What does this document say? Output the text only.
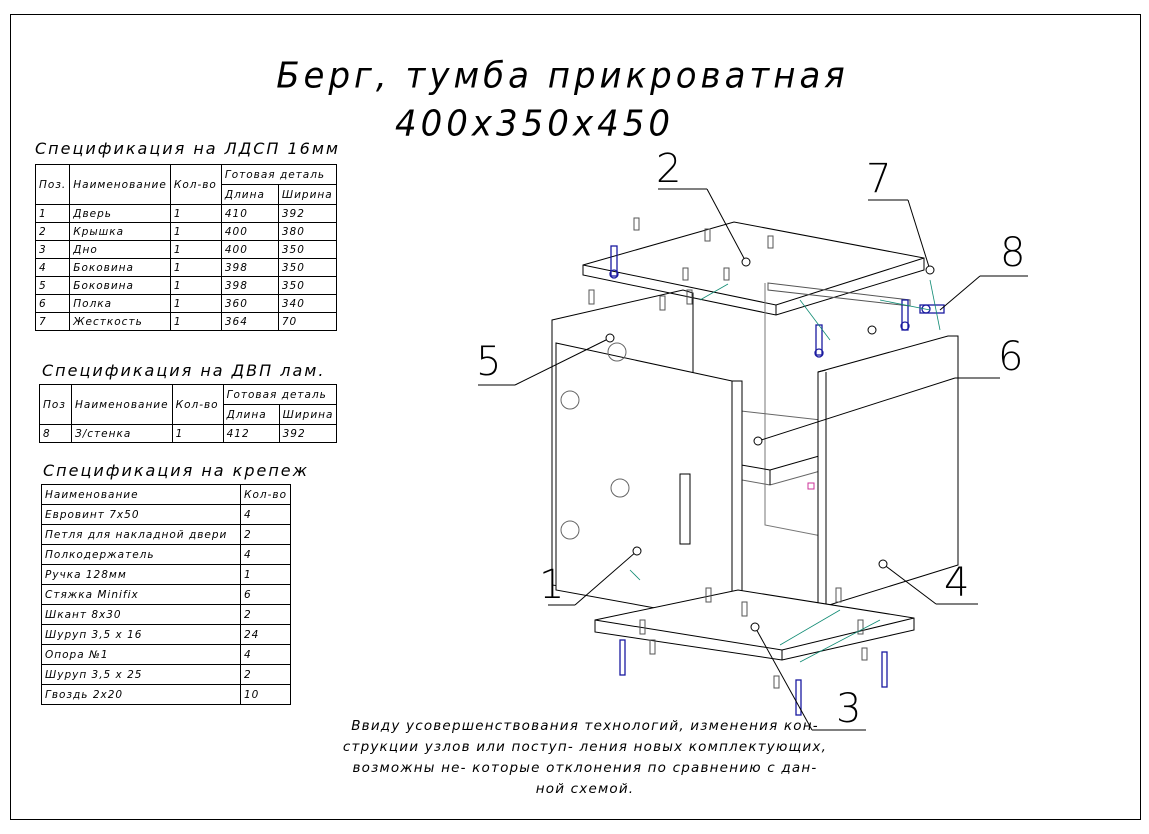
Берг, тумба прикроватная
400х350х450
Спецификация на ЛДСП 16мм
Поз.	Наименование	Кол-во	Готовая деталь	
			Длина	Ширина
1	Дверь	1	410	392
2	Крышка	1	400	380
3	Дно	1	400	350
4	Боковина	1	398	350
5	Боковина	1	398	350
6	Полка	1	360	340
7	Жесткость	1	364	70
Спецификация на ДВП лам.
Поз	Наименование	Кол-во	Готовая деталь	
			Длина	Ширина
8	З/стенка	1	412	392
Спецификация на крепеж
Наименование	Кол-во
Евровинт 7х50	4
Петля для накладной двери	2
Полкодержатель	4
Ручка 128мм	1
Стяжка Minifix	6
Шкант 8х30	2
Шуруп 3,5 х 16	24
Опора №1	4
Шуруп 3,5 х 25	2
Гвоздь 2х20	10
1
2
3
4
5	6
7
8
Ввиду усовершенствования технологий, изменения кон-
струкции узлов или поступ- ления новых комплектующих,
возможны не- которые отклонения по сравнению с дан-
ной схемой.
